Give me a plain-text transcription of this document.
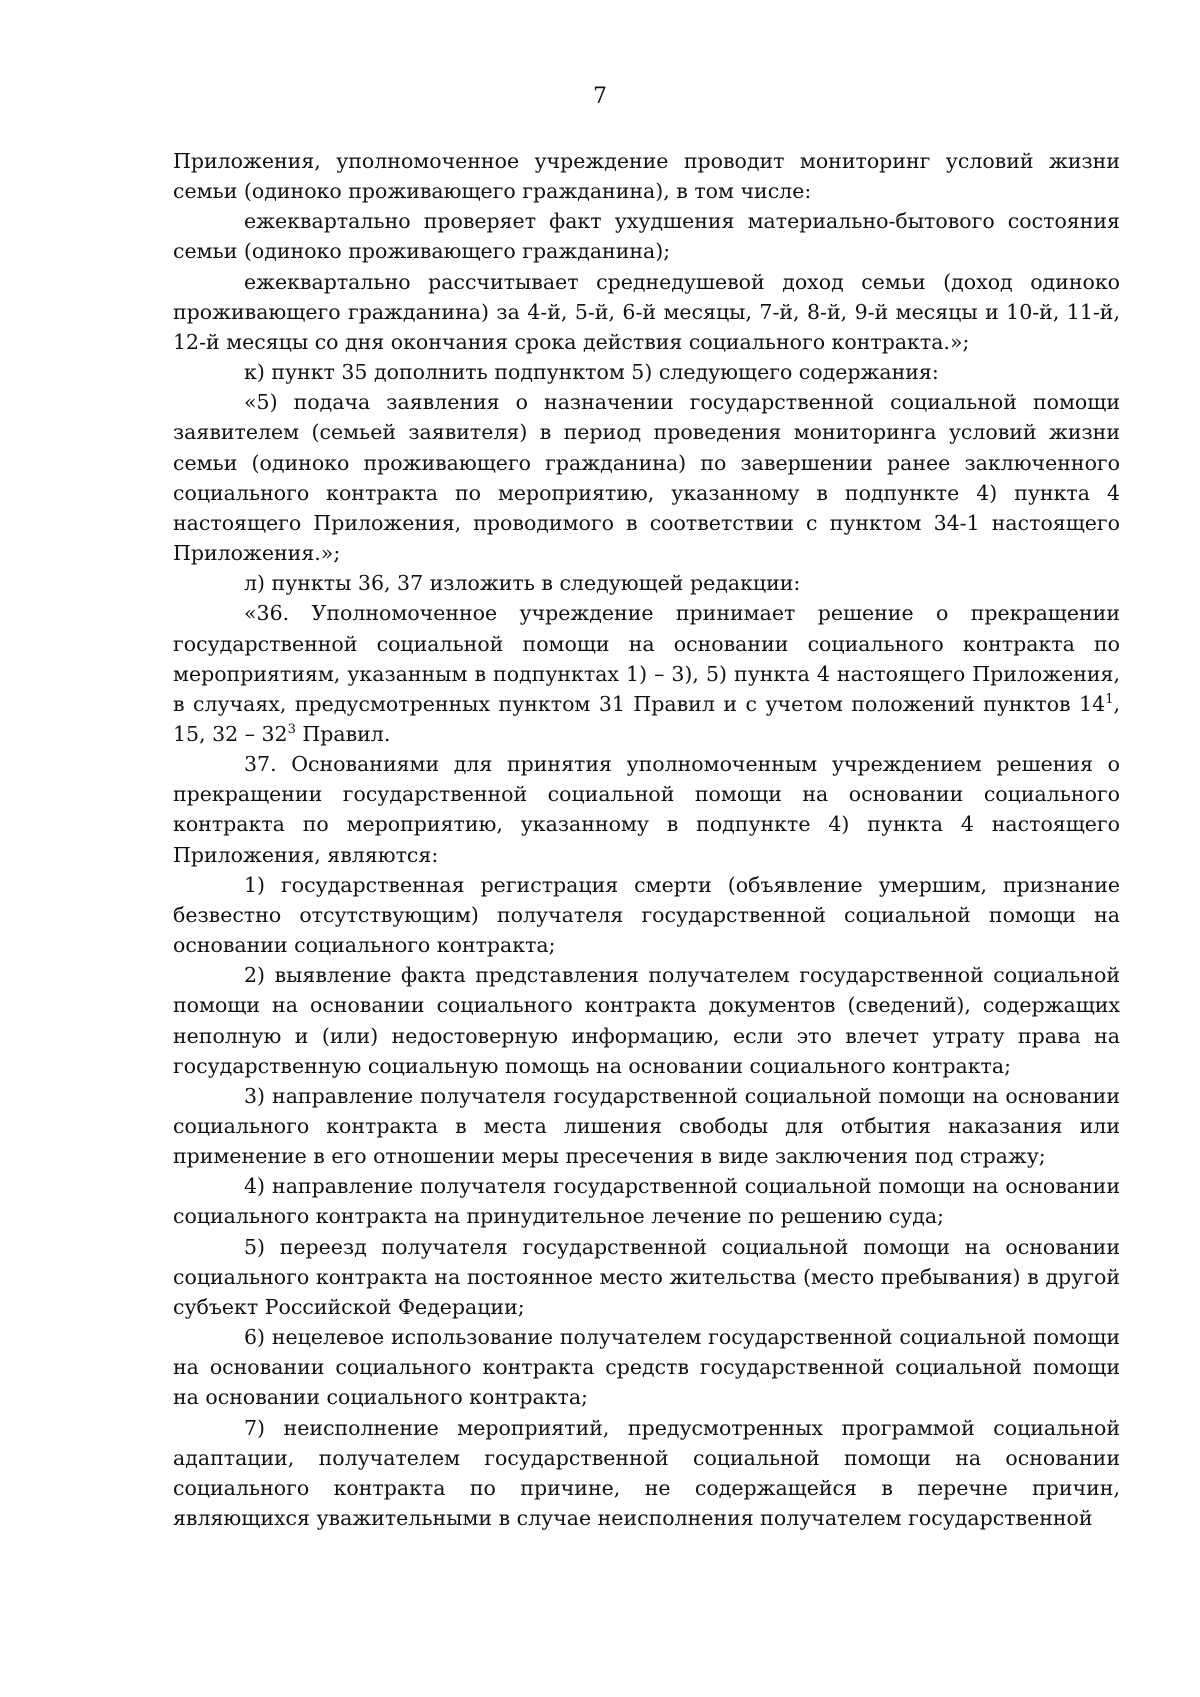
7

Приложения, уполномоченное учреждение проводит мониторинг условий жизни семьи (одиноко проживающего гражданина), в том числе:

ежеквартально проверяет факт ухудшения материально-бытового состояния семьи (одиноко проживающего гражданина);

ежеквартально рассчитывает среднедушевой доход семьи (доход одиноко проживающего гражданина) за 4-й, 5-й, 6-й месяцы, 7-й, 8-й, 9-й месяцы и 10-й, 11-й, 12-й месяцы со дня окончания срока действия социального контракта.»;

к) пункт 35 дополнить подпунктом 5) следующего содержания:

«5) подача заявления о назначении государственной социальной помощи заявителем (семьей заявителя) в период проведения мониторинга условий жизни семьи (одиноко проживающего гражданина) по завершении ранее заключенного социального контракта по мероприятию, указанному в подпункте 4) пункта 4 настоящего Приложения, проводимого в соответствии с пунктом 34-1 настоящего Приложения.»;

л) пункты 36, 37 изложить в следующей редакции:

«36. Уполномоченное учреждение принимает решение о прекращении государственной социальной помощи на основании социального контракта по мероприятиям, указанным в подпунктах 1) – 3), 5) пункта 4 настоящего Приложения, в случаях, предусмотренных пунктом 31 Правил и с учетом положений пунктов $14^1$, 15, $32 - 32^3$ Правил.

37. Основаниями для принятия уполномоченным учреждением решения о прекращении государственной социальной помощи на основании социального контракта по мероприятию, указанному в подпункте 4) пункта 4 настоящего Приложения, являются:

1) государственная регистрация смерти (объявление умершим, признание безвестно отсутствующим) получателя государственной социальной помощи на основании социального контракта;

2) выявление факта представления получателем государственной социальной помощи на основании социального контракта документов (сведений), содержащих неполную и (или) недостоверную информацию, если это влечет утрату права на государственную социальную помощь на основании социального контракта;

3) направление получателя государственной социальной помощи на основании социального контракта в места лишения свободы для отбытия наказания или применение в его отношении меры пресечения в виде заключения под стражу;

4) направление получателя государственной социальной помощи на основании социального контракта на принудительное лечение по решению суда;

5) переезд получателя государственной социальной помощи на основании социального контракта на постоянное место жительства (место пребывания) в другой субъект Российской Федерации;

6) нецелевое использование получателем государственной социальной помощи на основании социального контракта средств государственной социальной помощи на основании социального контракта;

7) неисполнение мероприятий, предусмотренных программой социальной адаптации, получателем государственной социальной помощи на основании социального контракта по причине, не содержащейся в перечне причин, являющихся уважительными в случае неисполнения получателем государственной
